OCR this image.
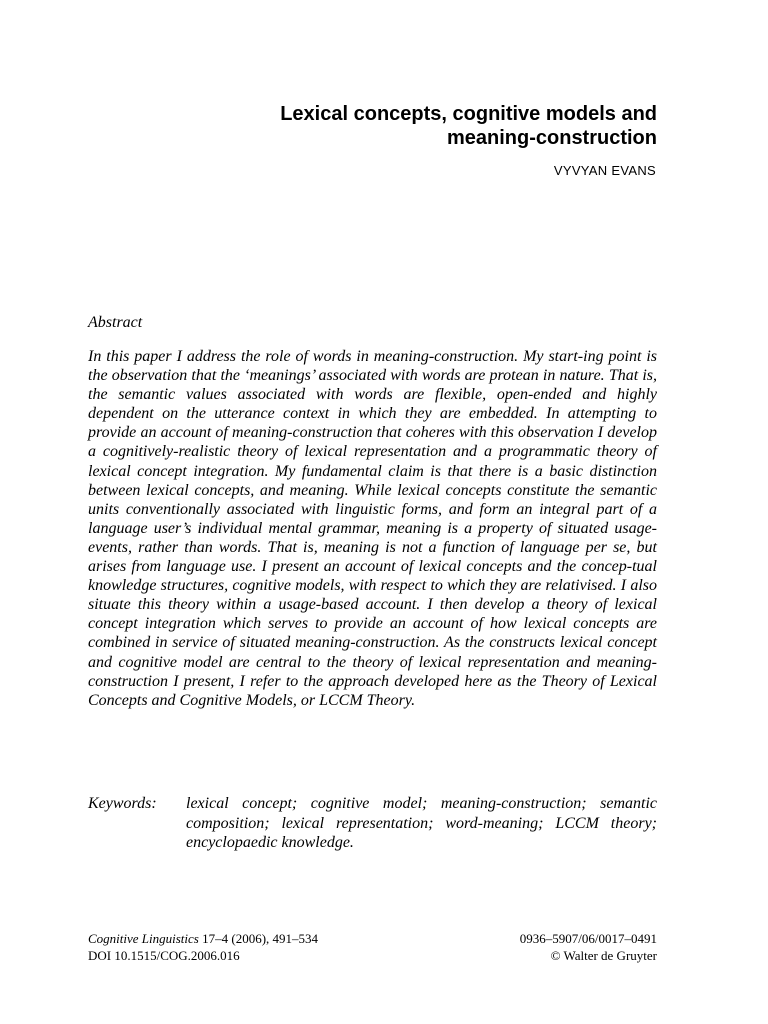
Lexical concepts, cognitive models and
meaning-construction
VYVYAN EVANS
Abstract
In this paper I address the role of words in meaning-construction. My start-ing point is the observation that the ‘meanings’ associated with words are protean in nature. That is, the semantic values associated with words are flexible, open-ended and highly dependent on the utterance context in which they are embedded. In attempting to provide an account of meaning-construction that coheres with this observation I develop a cognitively-realistic theory of lexical representation and a programmatic theory of lexical concept integration. My fundamental claim is that there is a basic distinction between lexical concepts, and meaning. While lexical concepts constitute the semantic units conventionally associated with linguistic forms, and form an integral part of a language user’s individual mental grammar, meaning is a property of situated usage-events, rather than words. That is, meaning is not a function of language per se, but arises from language use. I present an account of lexical concepts and the concep-tual knowledge structures, cognitive models, with respect to which they are relativised. I also situate this theory within a usage-based account. I then develop a theory of lexical concept integration which serves to provide an account of how lexical concepts are combined in service of situated meaning-construction. As the constructs lexical concept and cognitive model are central to the theory of lexical representation and meaning-construction I present, I refer to the approach developed here as the Theory of Lexical Concepts and Cognitive Models, or LCCM Theory.
Keywords:	lexical concept; cognitive model; meaning-construction; semantic composition; lexical representation; word-meaning; LCCM theory; encyclopaedic knowledge.
Cognitive Linguistics 17–4 (2006), 491–534
DOI 10.1515/COG.2006.016
0936–5907/06/0017–0491
© Walter de Gruyter
